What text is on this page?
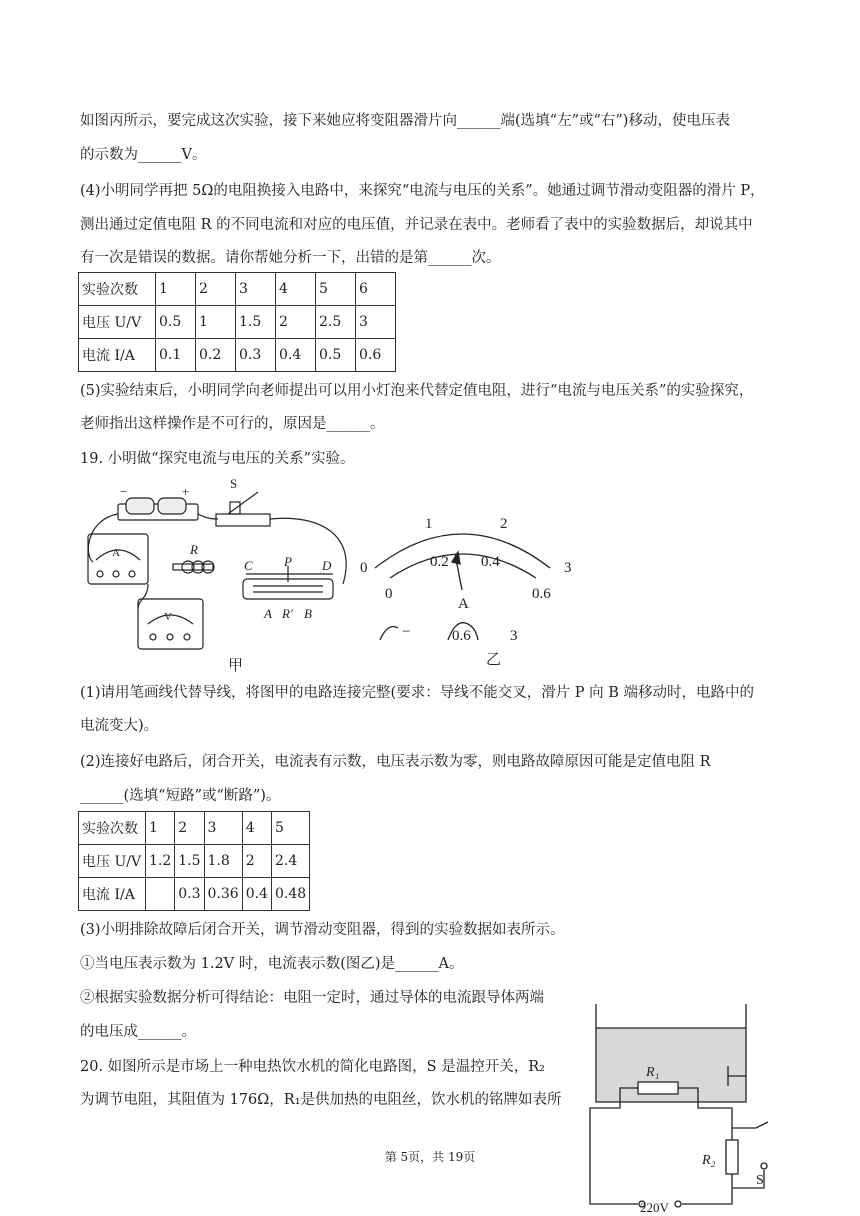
如图丙所示，要完成这次实验，接下来她应将变阻器滑片向______端(选填“左”或“右”)移动，使电压表
的示数为______V。
(4)小明同学再把 5Ω的电阻换接入电路中，来探究“电流与电压的关系”。她通过调节滑动变阻器的滑片 P，
测出通过定值电阻 R 的不同电流和对应的电压值，并记录在表中。老师看了表中的实验数据后，却说其中
有一次是错误的数据。请你帮她分析一下，出错的是第______次。
实验次数	1	2	3	4	5	6
电压 U/V	0.5	1	1.5	2	2.5	3
电流 I/A	0.1	0.2	0.3	0.4	0.5	0.6
(5)实验结束后，小明同学向老师提出可以用小灯泡来代替定值电阻，进行“电流与电压关系”的实验探究，
老师指出这样操作是不可行的，原因是______。
19. 小明做“探究电流与电压的关系”实验。
−	+
S
A	R
V
C P D
A R′ B
甲
0
1	2
3
0
0.2 0.4
0.6
A
−	0.6	3
乙
(1)请用笔画线代替导线，将图甲的电路连接完整(要求：导线不能交叉，滑片 P 向 B 端移动时，电路中的
电流变大)。
(2)连接好电路后，闭合开关，电流表有示数，电压表示数为零，则电路故障原因可能是定值电阻 R
______(选填“短路”或“断路”)。
实验次数	1	2	3	4	5
电压 U/V	1.2	1.5	1.8	2	2.4
电流 I/A		0.3	0.36	0.4	0.48
(3)小明排除故障后闭合开关，调节滑动变阻器，得到的实验数据如表所示。
①当电压表示数为 1.2V 时，电流表示数(图乙)是______A。
②根据实验数据分析可得结论：电阻一定时，通过导体的电流跟导体两端
的电压成______。
20. 如图所示是市场上一种电热饮水机的简化电路图，S 是温控开关，R₂
为调节电阻，其阻值为 176Ω，R₁是供加热的电阻丝，饮水机的铭牌如表所
R₁
R₂
S
220V
第 5页，共 19页
